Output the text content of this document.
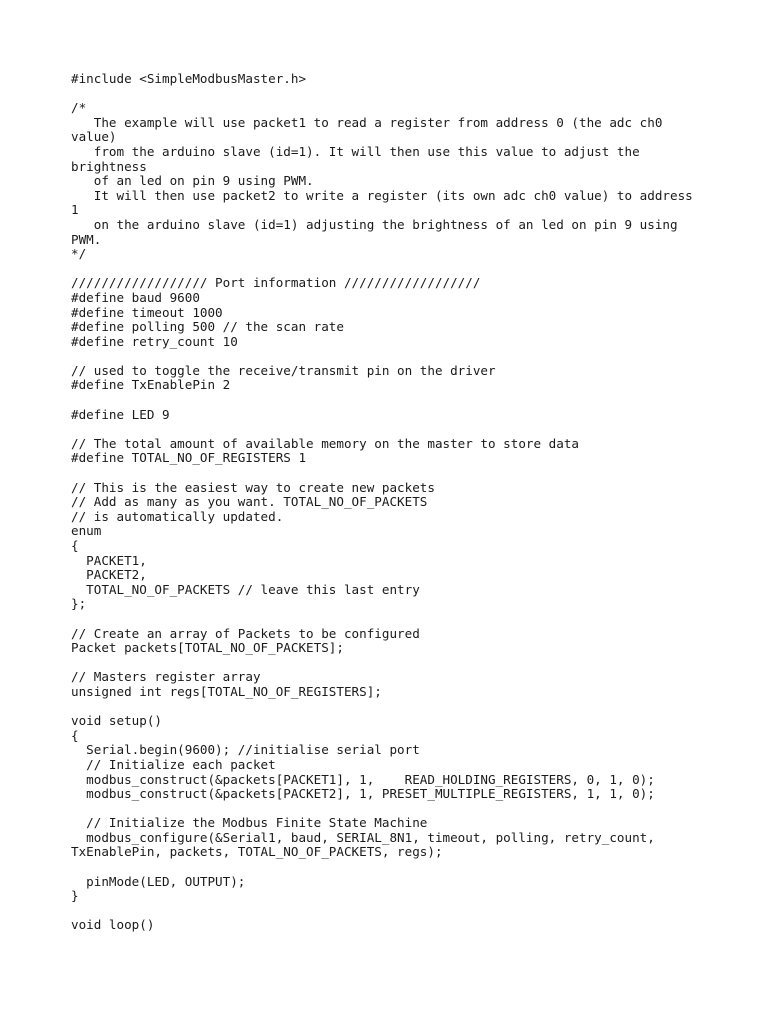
#include <SimpleModbusMaster.h>
/*
The example will use packet1 to read a register from address 0 (the adc ch0
value)
from the arduino slave (id=1). It will then use this value to adjust the
brightness
of an led on pin 9 using PWM.
It will then use packet2 to write a register (its own adc ch0 value) to address
1
on the arduino slave (id=1) adjusting the brightness of an led on pin 9 using
PWM.
*/
////////////////// Port information //////////////////
#define baud 9600
#define timeout 1000
#define polling 500 // the scan rate
#define retry_count 10
// used to toggle the receive/transmit pin on the driver
#define TxEnablePin 2
#define LED 9
// The total amount of available memory on the master to store data
#define TOTAL_NO_OF_REGISTERS 1
// This is the easiest way to create new packets
// Add as many as you want. TOTAL_NO_OF_PACKETS
// is automatically updated.
enum
{
PACKET1,
PACKET2,
TOTAL_NO_OF_PACKETS // leave this last entry
};
// Create an array of Packets to be configured
Packet packets[TOTAL_NO_OF_PACKETS];
// Masters register array
unsigned int regs[TOTAL_NO_OF_REGISTERS];
void setup()
{
Serial.begin(9600); //initialise serial port
// Initialize each packet
modbus_construct(&packets[PACKET1], 1,    READ_HOLDING_REGISTERS, 0, 1, 0);
modbus_construct(&packets[PACKET2], 1, PRESET_MULTIPLE_REGISTERS, 1, 1, 0);
// Initialize the Modbus Finite State Machine
modbus_configure(&Serial1, baud, SERIAL_8N1, timeout, polling, retry_count,
TxEnablePin, packets, TOTAL_NO_OF_PACKETS, regs);
pinMode(LED, OUTPUT);
}
void loop()
